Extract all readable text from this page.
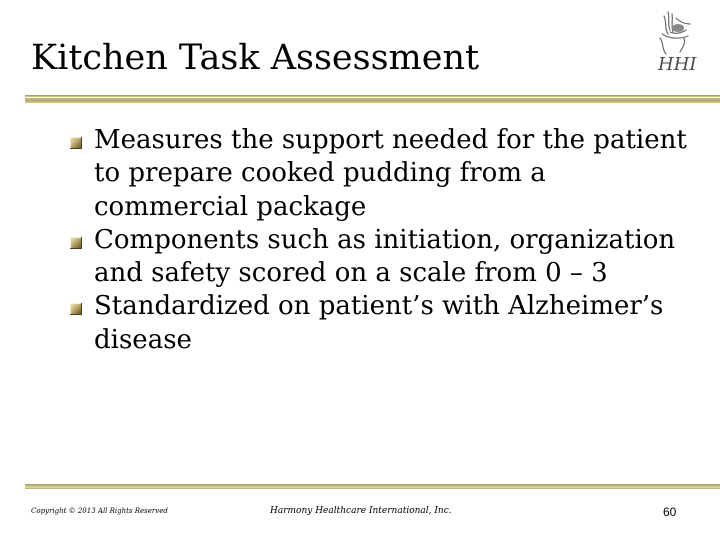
Kitchen Task Assessment	HHI
Measures the support needed for the patient to prepare cooked pudding from a commercial package
Components such as initiation, organization and safety scored on a scale from 0 – 3
Standardized on patient’s with Alzheimer’s disease
Copyright © 2013 All Rights Reserved	Harmony Healthcare International, Inc.	60
